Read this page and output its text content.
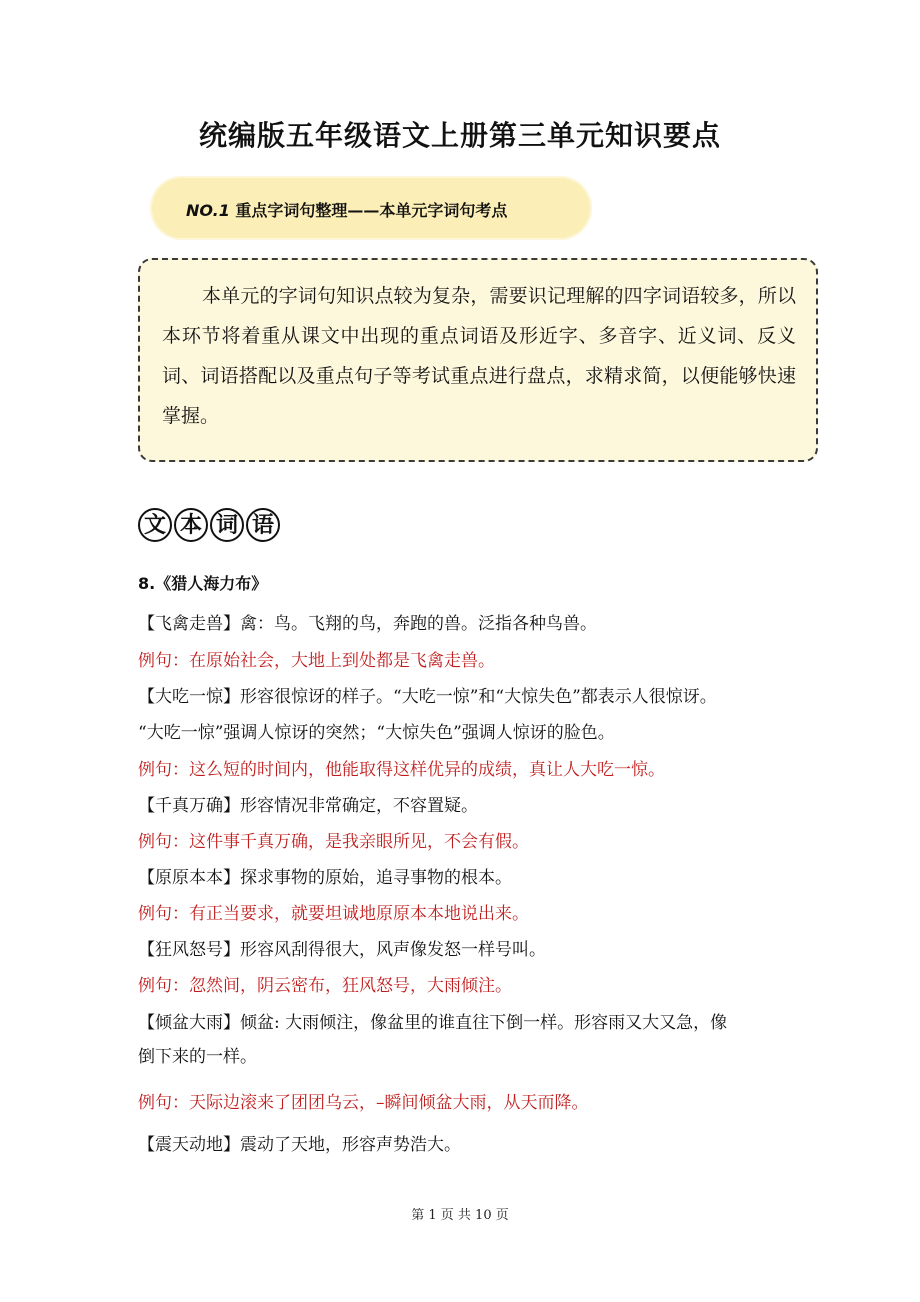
统编版五年级语文上册第三单元知识要点
NO.1 重点字词句整理——本单元字词句考点

本单元的字词句知识点较为复杂，需要识记理解的四字词语较多，所以本环节将着重从课文中出现的重点词语及形近字、多音字、近义词、反义词、词语搭配以及重点句子等考试重点进行盘点，求精求简，以便能够快速掌握。

文 本 词 语
8.《猎人海力布》
【飞禽走兽】禽：鸟。飞翔的鸟，奔跑的兽。泛指各种鸟兽。
例句：在原始社会，大地上到处都是飞禽走兽。
【大吃一惊】形容很惊讶的样子。“大吃一惊”和“大惊失色”都表示人很惊讶。
“大吃一惊”强调人惊讶的突然；“大惊失色”强调人惊讶的脸色。
例句：这么短的时间内，他能取得这样优异的成绩，真让人大吃一惊。
【千真万确】形容情况非常确定，不容置疑。
例句：这件事千真万确，是我亲眼所见，不会有假。
【原原本本】探求事物的原始，追寻事物的根本。
例句：有正当要求，就要坦诚地原原本本地说出来。
【狂风怒号】形容风刮得很大，风声像发怒一样号叫。
例句：忽然间，阴云密布，狂风怒号，大雨倾注。
【倾盆大雨】倾盆: 大雨倾注，像盆里的谁直往下倒一样。形容雨又大又急，像
倒下来的一样。
例句：天际边滚来了团团乌云，–瞬间倾盆大雨，从天而降。
【震天动地】震动了天地，形容声势浩大。
第 1 页 共 10 页
